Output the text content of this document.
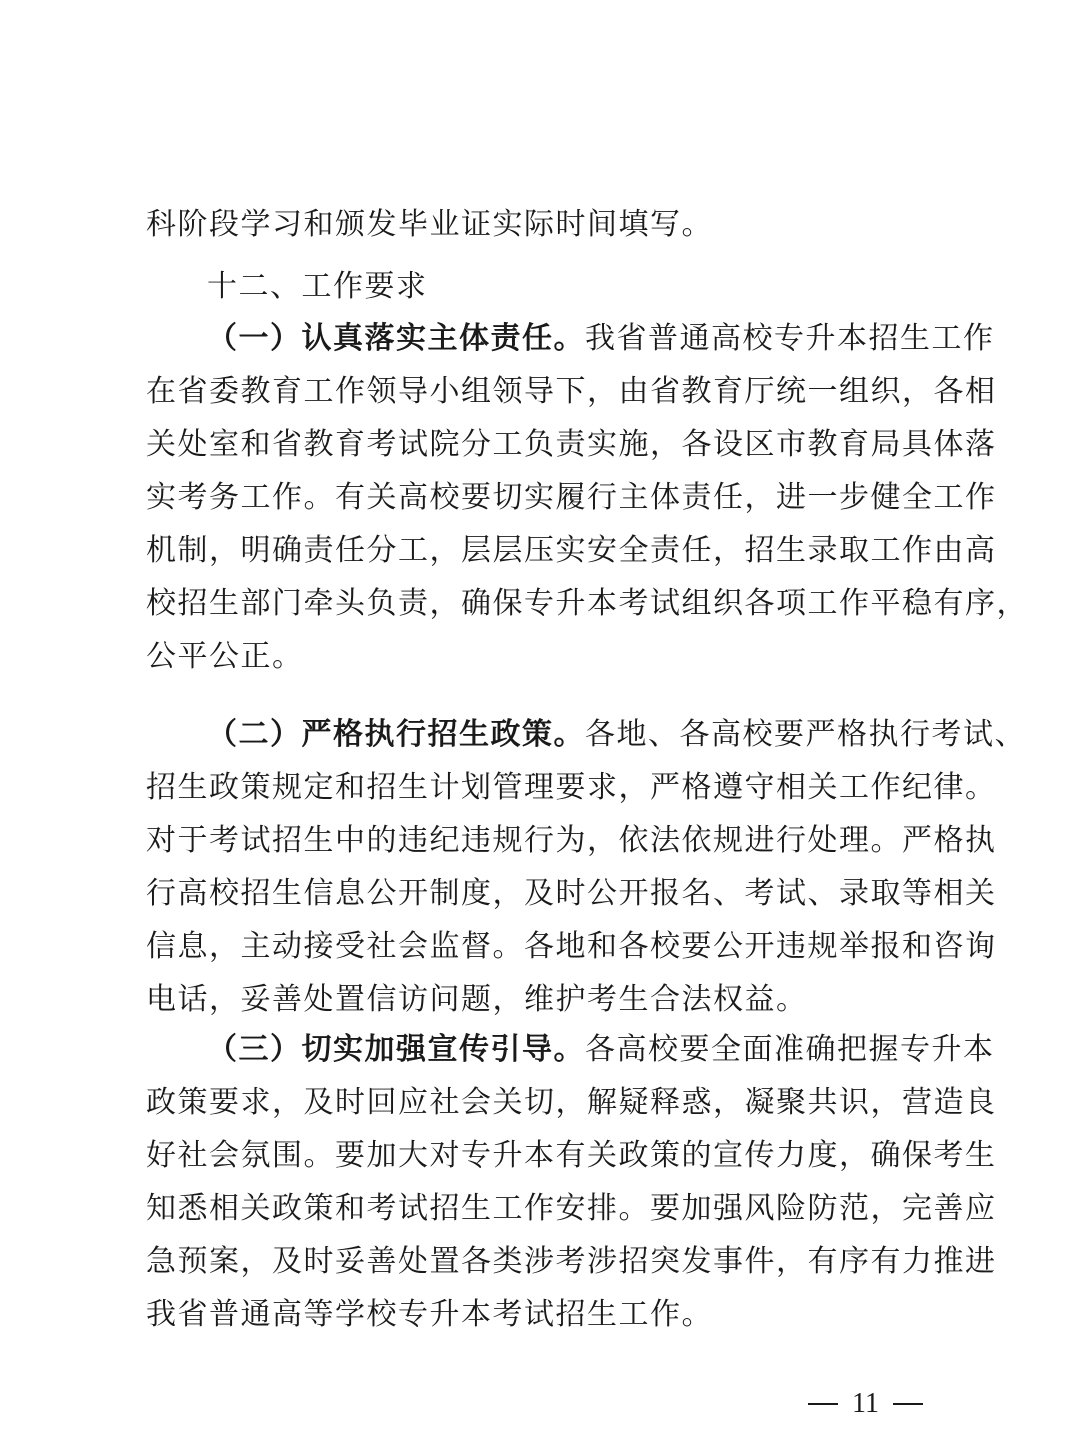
科阶段学习和颁发毕业证实际时间填写。
十二、工作要求
（一）认真落实主体责任。我省普通高校专升本招生工作
在省委教育工作领导小组领导下，由省教育厅统一组织，各相
关处室和省教育考试院分工负责实施，各设区市教育局具体落
实考务工作。有关高校要切实履行主体责任，进一步健全工作
机制，明确责任分工，层层压实安全责任，招生录取工作由高
校招生部门牵头负责，确保专升本考试组织各项工作平稳有序，
公平公正。
（二）严格执行招生政策。各地、各高校要严格执行考试、
招生政策规定和招生计划管理要求，严格遵守相关工作纪律。
对于考试招生中的违纪违规行为，依法依规进行处理。严格执
行高校招生信息公开制度，及时公开报名、考试、录取等相关
信息，主动接受社会监督。各地和各校要公开违规举报和咨询
电话，妥善处置信访问题，维护考生合法权益。
（三）切实加强宣传引导。各高校要全面准确把握专升本
政策要求，及时回应社会关切，解疑释惑，凝聚共识，营造良
好社会氛围。要加大对专升本有关政策的宣传力度，确保考生
知悉相关政策和考试招生工作安排。要加强风险防范，完善应
急预案，及时妥善处置各类涉考涉招突发事件，有序有力推进
我省普通高等学校专升本考试招生工作。
11
